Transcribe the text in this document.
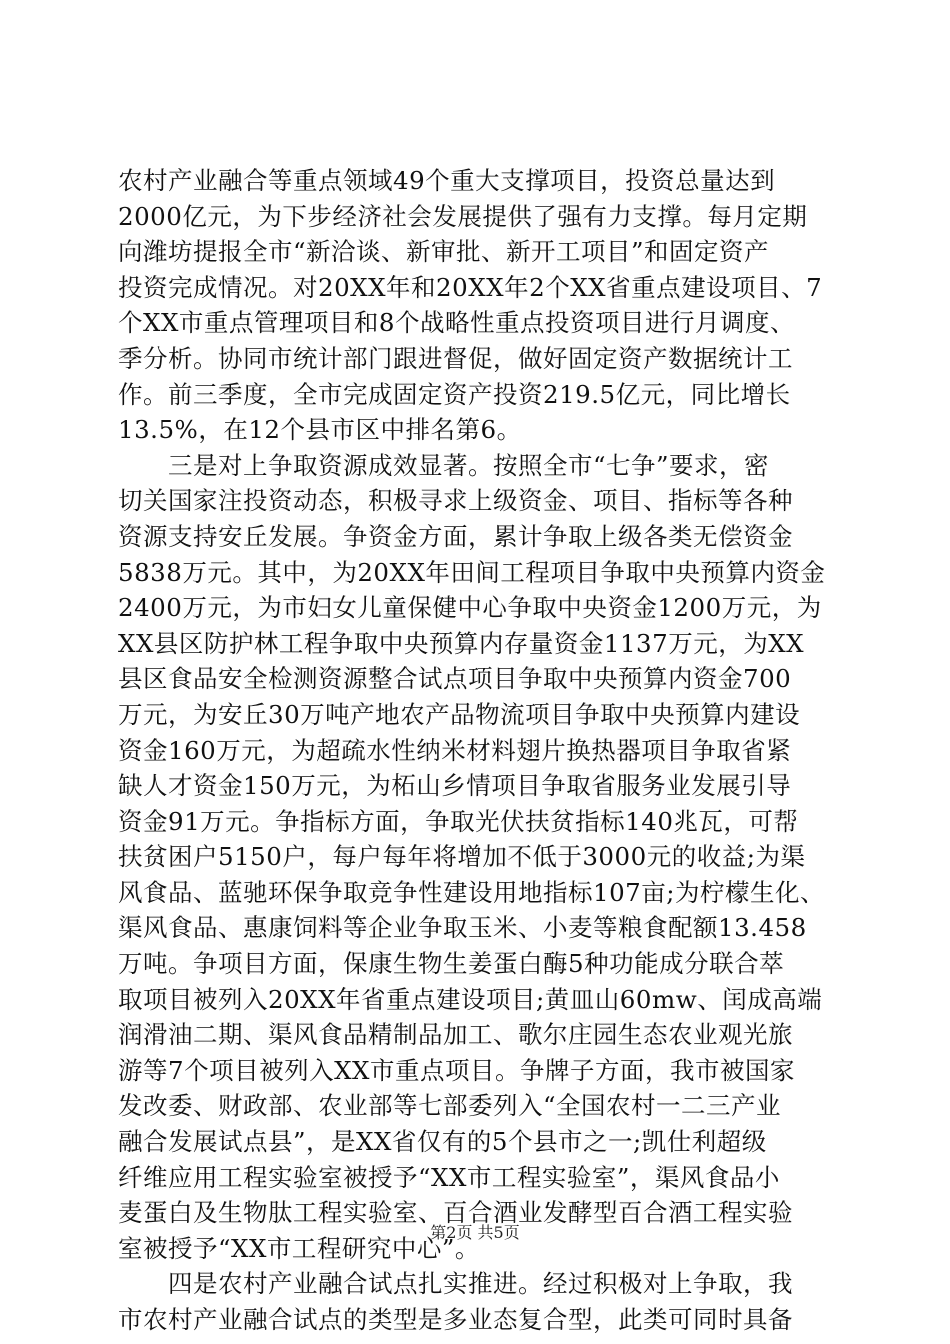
农村产业融合等重点领域49个重大支撑项目，投资总量达到
2000亿元，为下步经济社会发展提供了强有力支撑。每月定期
向潍坊提报全市“新洽谈、新审批、新开工项目”和固定资产
投资完成情况。对20XX年和20XX年2个XX省重点建设项目、7
个XX市重点管理项目和8个战略性重点投资项目进行月调度、
季分析。协同市统计部门跟进督促，做好固定资产数据统计工
作。前三季度，全市完成固定资产投资219.5亿元，同比增长
13.5%，在12个县市区中排名第6。
　　三是对上争取资源成效显著。按照全市“七争”要求，密
切关国家注投资动态，积极寻求上级资金、项目、指标等各种
资源支持安丘发展。争资金方面，累计争取上级各类无偿资金
5838万元。其中，为20XX年田间工程项目争取中央预算内资金
2400万元，为市妇女儿童保健中心争取中央资金1200万元，为
XX县区防护林工程争取中央预算内存量资金1137万元，为XX
县区食品安全检测资源整合试点项目争取中央预算内资金700
万元，为安丘30万吨产地农产品物流项目争取中央预算内建设
资金160万元，为超疏水性纳米材料翅片换热器项目争取省紧
缺人才资金150万元，为柘山乡情项目争取省服务业发展引导
资金91万元。争指标方面，争取光伏扶贫指标140兆瓦，可帮
扶贫困户5150户，每户每年将增加不低于3000元的收益;为渠
风食品、蓝驰环保争取竞争性建设用地指标107亩;为柠檬生化、
渠风食品、惠康饲料等企业争取玉米、小麦等粮食配额13.458
万吨。争项目方面，保康生物生姜蛋白酶5种功能成分联合萃
取项目被列入20XX年省重点建设项目;黄皿山60mw、闰成高端
润滑油二期、渠风食品精制品加工、歌尔庄园生态农业观光旅
游等7个项目被列入XX市重点项目。争牌子方面，我市被国家
发改委、财政部、农业部等七部委列入“全国农村一二三产业
融合发展试点县”，是XX省仅有的5个县市之一;凯仕利超级
纤维应用工程实验室被授予“XX市工程实验室”，渠风食品小
麦蛋白及生物肽工程实验室、百合酒业发酵型百合酒工程实验
室被授予“XX市工程研究中心”。
　　四是农村产业融合试点扎实推进。经过积极对上争取，我
市农村产业融合试点的类型是多业态复合型，此类可同时具备
第2页 共5页
